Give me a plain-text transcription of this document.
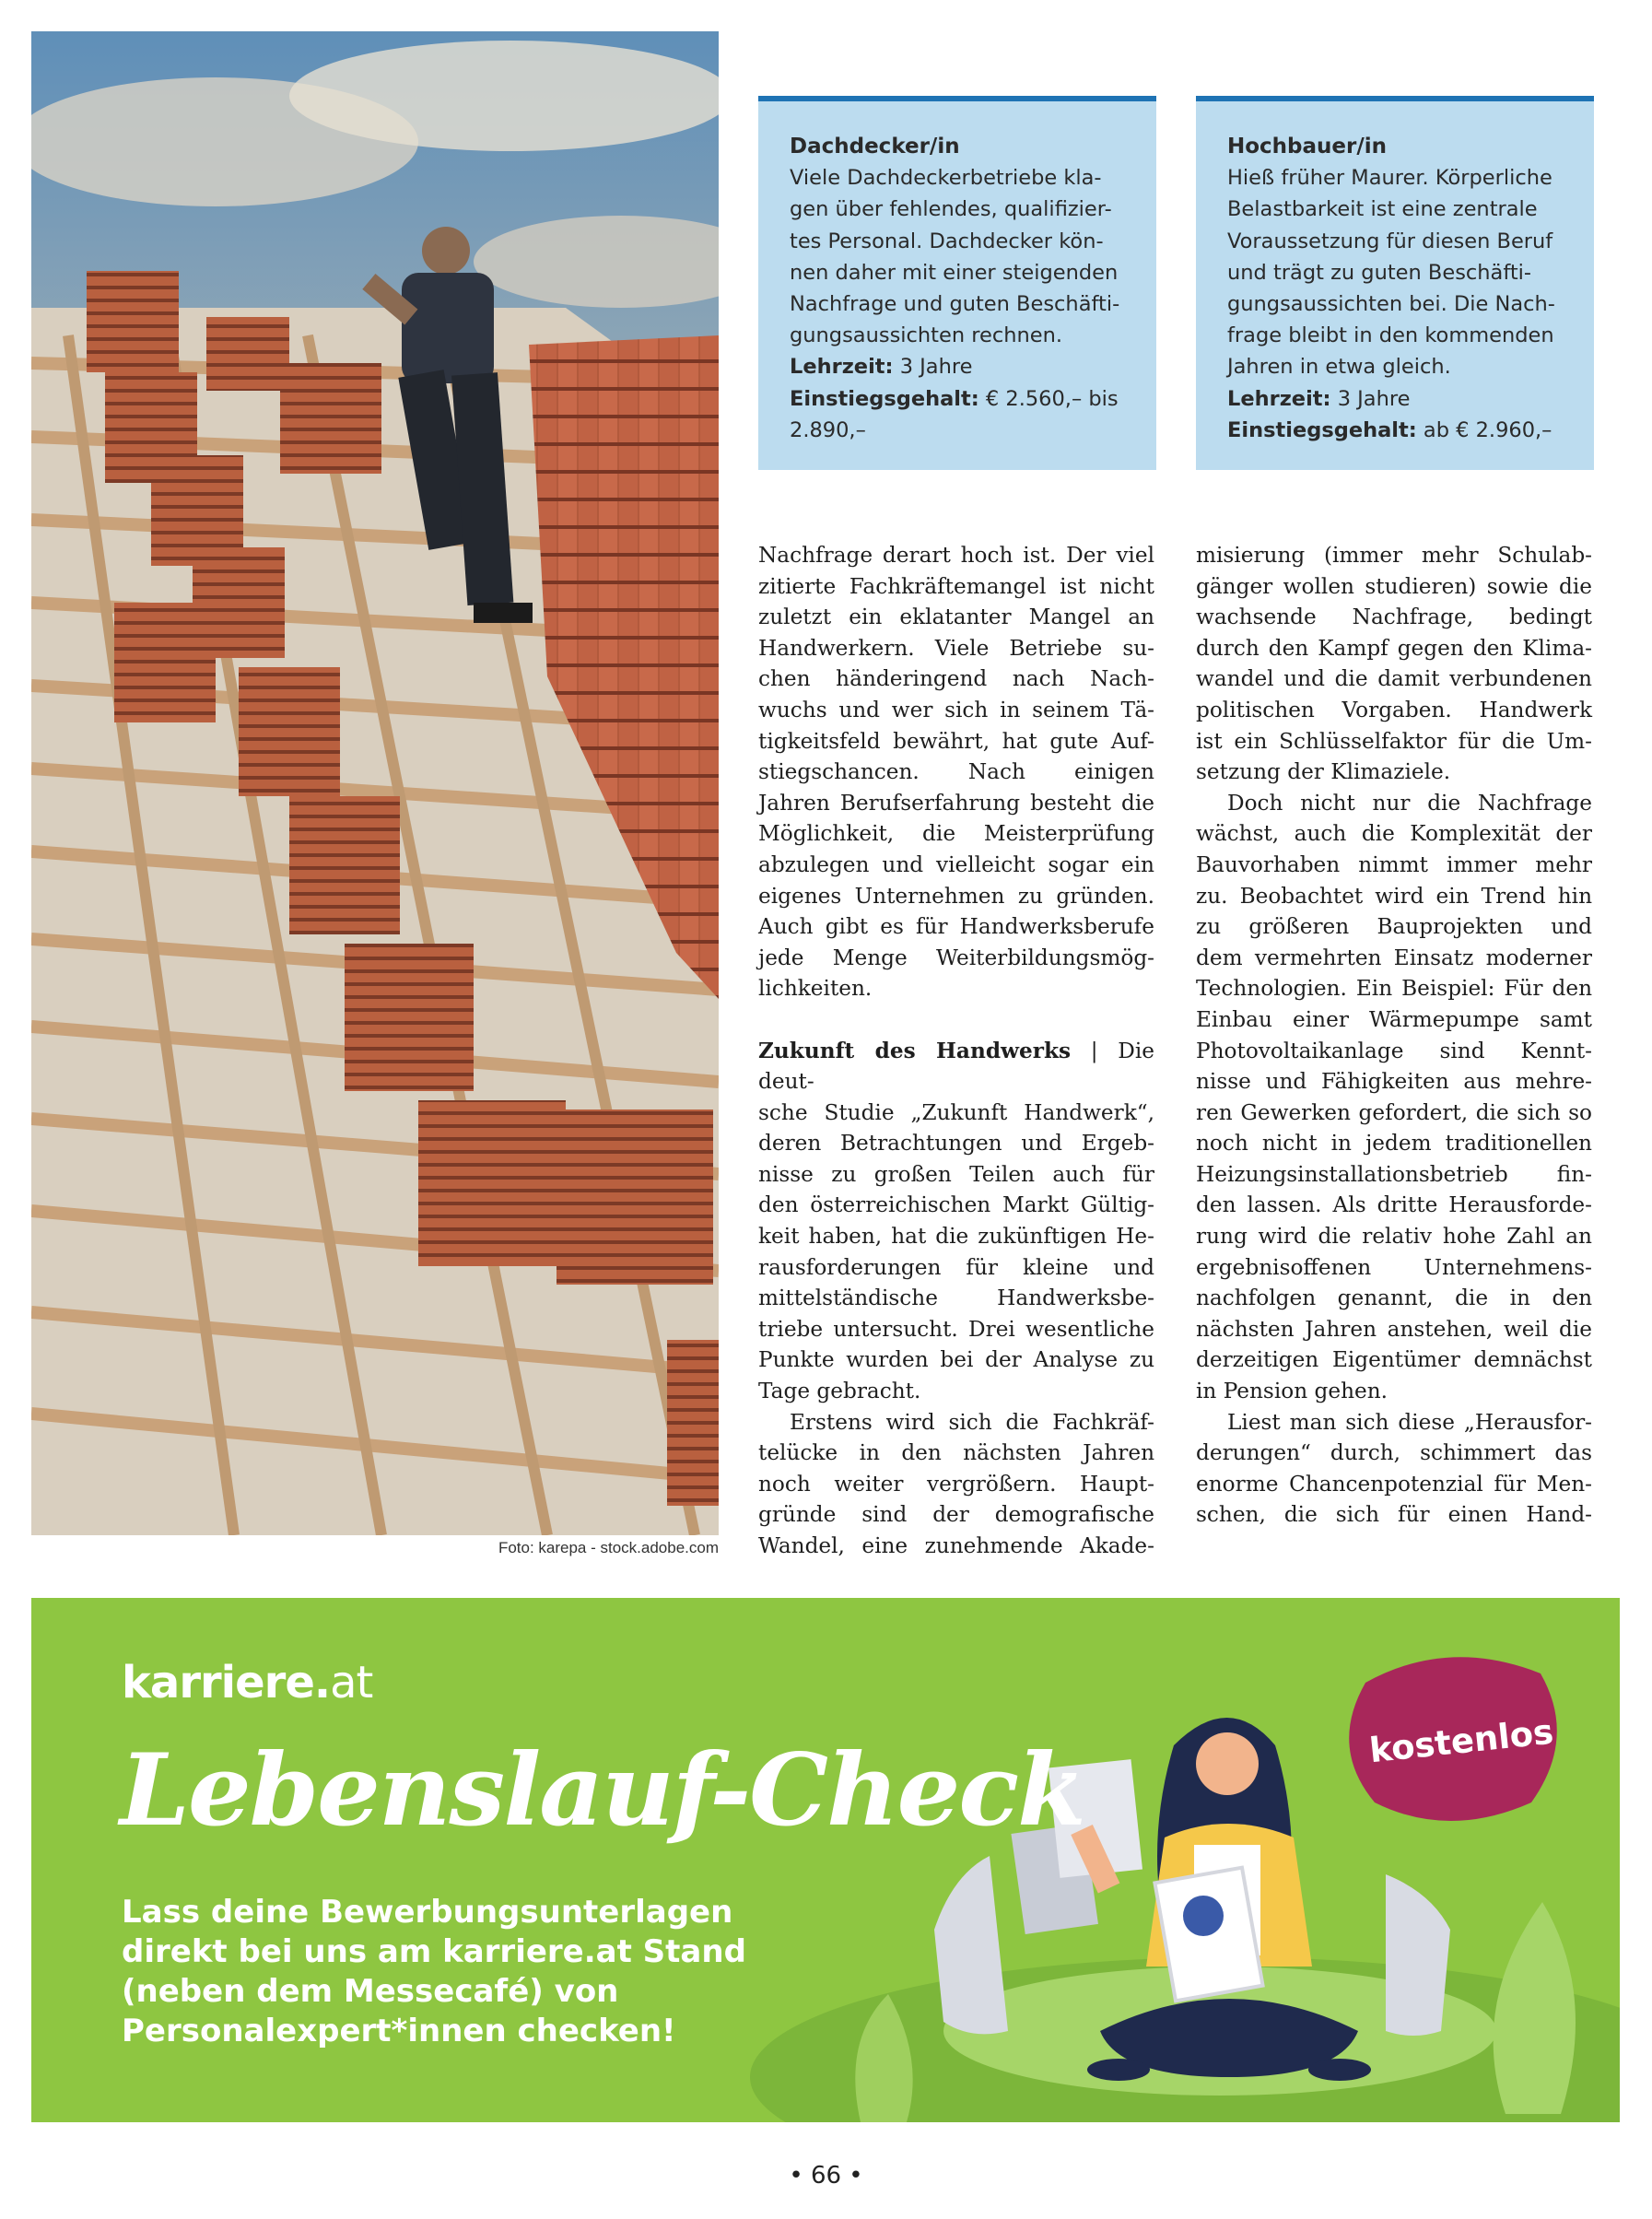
Foto: karepa - stock.adobe.com
Dachdecker/in
Viele Dachdeckerbetriebe kla-
gen über fehlendes, qualifizier-
tes Personal. Dachdecker kön-
nen daher mit einer steigenden
Nachfrage und guten Beschäfti-
gungsaussichten rechnen.
Lehrzeit: 3 Jahre
Einstiegsgehalt: € 2.560,– bis
2.890,–
Hochbauer/in
Hieß früher Maurer. Körperliche
Belastbarkeit ist eine zentrale
Voraussetzung für diesen Beruf
und trägt zu guten Beschäfti-
gungsaussichten bei. Die Nach-
frage bleibt in den kommenden
Jahren in etwa gleich.
Lehrzeit: 3 Jahre
Einstiegsgehalt: ab € 2.960,–

Nachfrage derart hoch ist. Der viel

zitierte Fachkräftemangel ist nicht

zuletzt ein eklatanter Mangel an

Handwerkern. Viele Betriebe su-

chen händeringend nach Nach-

wuchs und wer sich in seinem Tä-

tigkeitsfeld bewährt, hat gute Auf-

stiegschancen. Nach einigen

Jahren Berufserfahrung besteht die

Möglichkeit, die Meisterprüfung

abzulegen und vielleicht sogar ein

eigenes Unternehmen zu gründen.

Auch gibt es für Handwerksberufe

jede Menge Weiterbildungsmög-

lichkeiten.

Zukunft des Handwerks | Die deut-

sche Studie „Zukunft Handwerk“,

deren Betrachtungen und Ergeb-

nisse zu großen Teilen auch für

den österreichischen Markt Gültig-

keit haben, hat die zukünftigen He-

rausforderungen für kleine und

mittelständische Handwerksbe-

triebe untersucht. Drei wesentliche

Punkte wurden bei der Analyse zu

Tage gebracht.

Erstens wird sich die Fachkräf-

telücke in den nächsten Jahren

noch weiter vergrößern. Haupt-

gründe sind der demografische

Wandel, eine zunehmende Akade-

misierung (immer mehr Schulab-

gänger wollen studieren) sowie die

wachsende Nachfrage, bedingt

durch den Kampf gegen den Klima-

wandel und die damit verbundenen

politischen Vorgaben. Handwerk

ist ein Schlüsselfaktor für die Um-

setzung der Klimaziele.

Doch nicht nur die Nachfrage

wächst, auch die Komplexität der

Bauvorhaben nimmt immer mehr

zu. Beobachtet wird ein Trend hin

zu größeren Bauprojekten und

dem vermehrten Einsatz moderner

Technologien. Ein Beispiel: Für den

Einbau einer Wärmepumpe samt

Photovoltaikanlage sind Kennt-

nisse und Fähigkeiten aus mehre-

ren Gewerken gefordert, die sich so

noch nicht in jedem traditionellen

Heizungsinstallationsbetrieb fin-

den lassen. Als dritte Herausforde-

rung wird die relativ hohe Zahl an

ergebnisoffenen Unternehmens-

nachfolgen genannt, die in den

nächsten Jahren anstehen, weil die

derzeitigen Eigentümer demnächst

in Pension gehen.

Liest man sich diese „Herausfor-

derungen“ durch, schimmert das

enorme Chancenpotenzial für Men-

schen, die sich für einen Hand-

karriere.at
Lebenslauf-Check
Lass deine Bewerbungsunterlagen
direkt bei uns am karriere.at Stand
(neben dem Messecafé) von
Personalexpert*innen checken!
kostenlos
• 66 •
